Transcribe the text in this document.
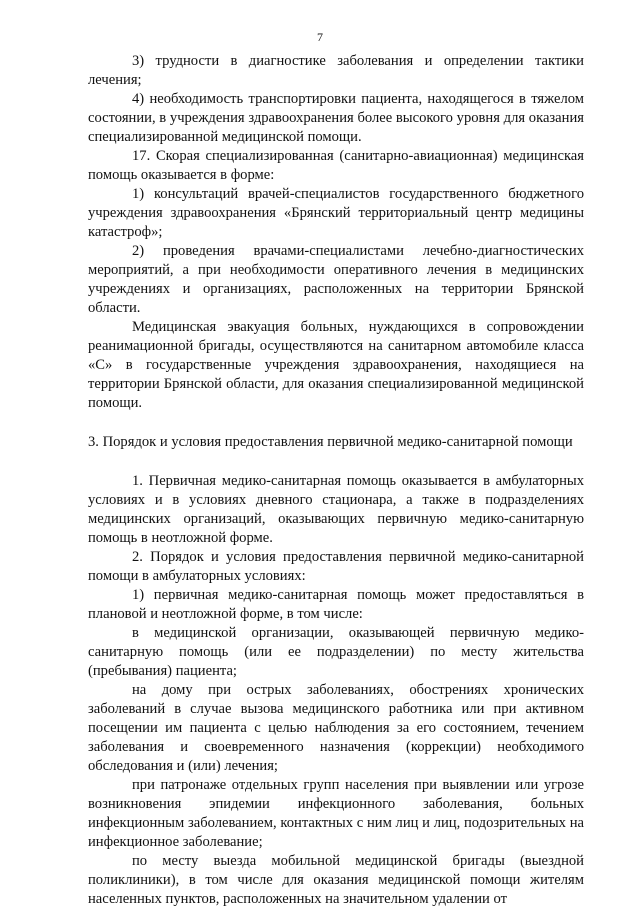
7

3) трудности в диагностике заболевания и определении тактики лечения;

4) необходимость транспортировки пациента, находящегося в тяжелом состоянии, в учреждения здравоохранения более высокого уровня для оказания специализированной медицинской помощи.

17. Скорая специализированная (санитарно-авиационная) медицинская помощь оказывается в форме:

1) консультаций врачей-специалистов государственного бюджетного учреждения здравоохранения «Брянский территориальный центр медицины катастроф»;

2) проведения врачами-специалистами лечебно-диагностических мероприятий, а при необходимости оперативного лечения в медицинских учреждениях и организациях, расположенных на территории Брянской области.

Медицинская эвакуация больных, нуждающихся в сопровождении реанимационной бригады, осуществляются на санитарном автомобиле класса «С» в государственные учреждения здравоохранения, находящиеся на территории Брянской области, для оказания специализированной медицинской помощи.

3. Порядок и условия предоставления первичной медико-санитарной помощи

1. Первичная медико-санитарная помощь оказывается в амбулаторных условиях и в условиях дневного стационара, а также в подразделениях медицинских организаций, оказывающих первичную медико-санитарную помощь в неотложной форме.

2. Порядок и условия предоставления первичной медико-санитарной помощи в амбулаторных условиях:

1) первичная медико-санитарная помощь может предоставляться в плановой и неотложной форме, в том числе:

в медицинской организации, оказывающей первичную медико-санитарную помощь (или ее подразделении) по месту жительства (пребывания) пациента;

на дому при острых заболеваниях, обострениях хронических заболеваний в случае вызова медицинского работника или при активном посещении им пациента с целью наблюдения за его состоянием, течением заболевания и своевременного назначения (коррекции) необходимого обследования и (или) лечения;

при патронаже отдельных групп населения при выявлении или угрозе возникновения эпидемии инфекционного заболевания, больных инфекционным заболеванием, контактных с ним лиц и лиц, подозрительных на инфекционное заболевание;

по месту выезда мобильной медицинской бригады (выездной поликлиники), в том числе для оказания медицинской помощи жителям населенных пунктов, расположенных на значительном удалении от
